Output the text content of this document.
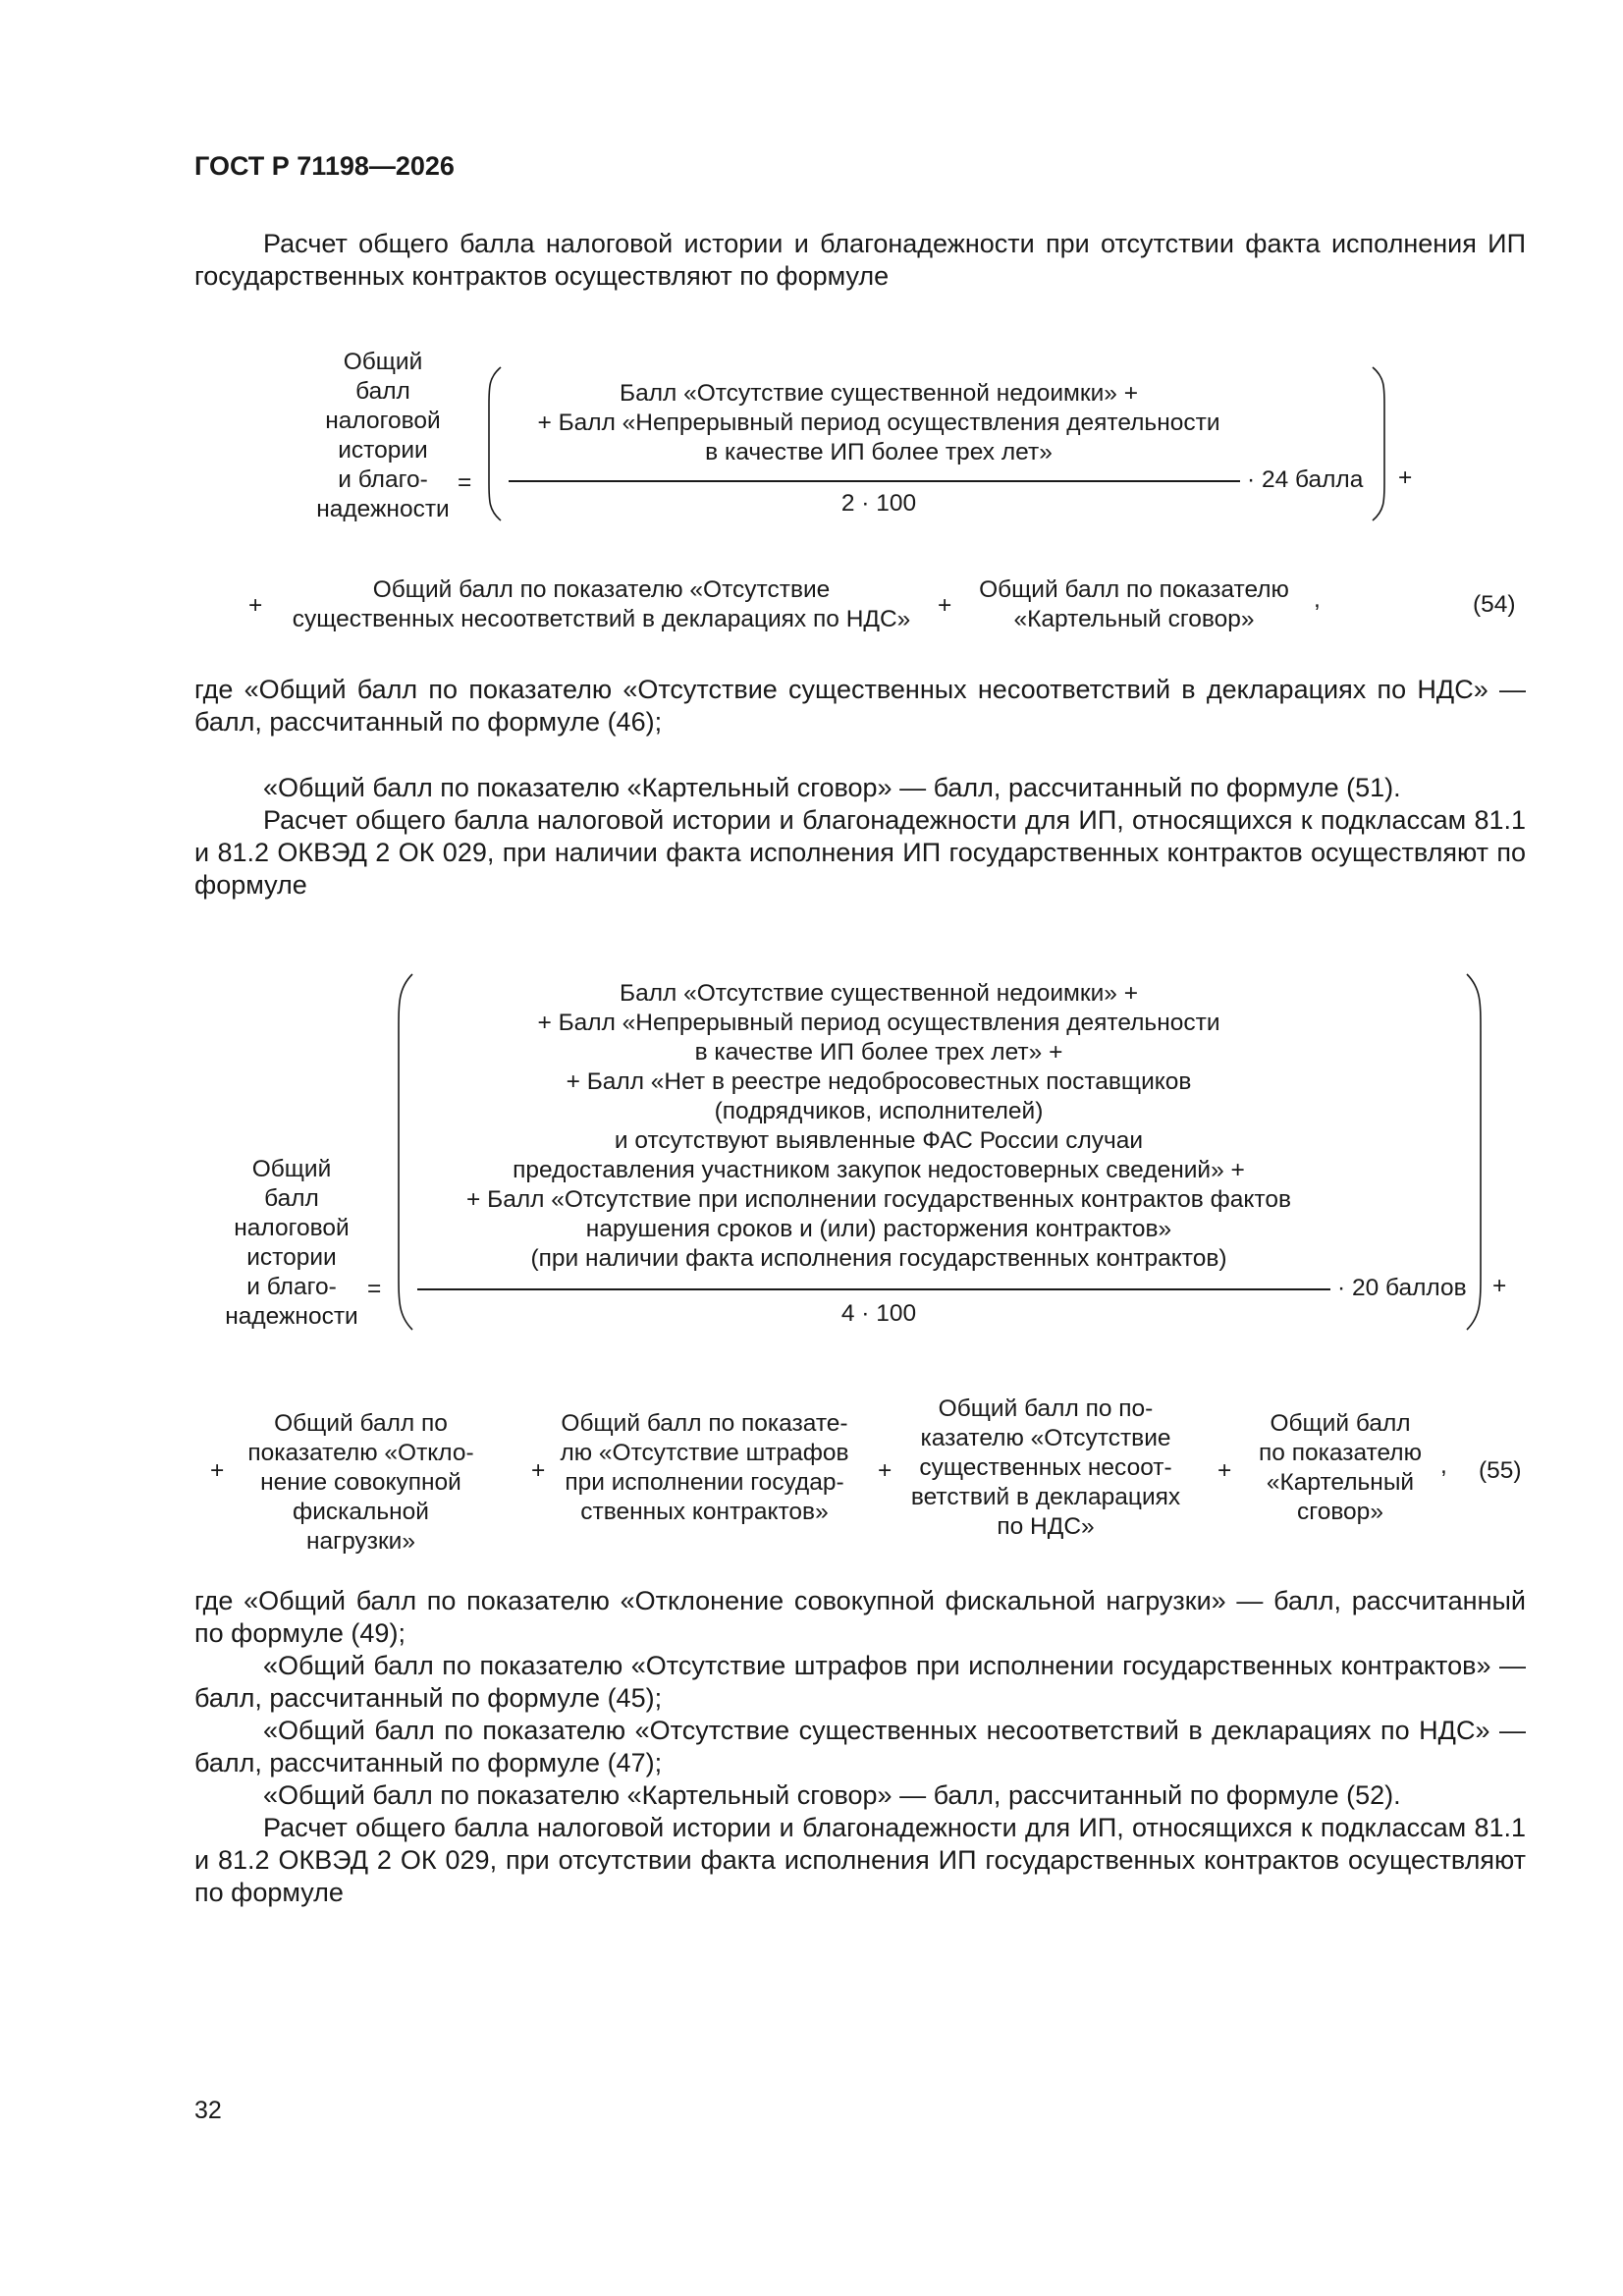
ГОСТ Р 71198—2026
Расчет общего балла налоговой истории и благонадежности при отсутствии факта исполнения ИП государственных контрактов осуществляют по формуле
Общий
балл
налоговой
истории
и благо-
надежности
=
Балл «Отсутствие существенной недоимки» +
+ Балл «Непрерывный период осуществления деятельности
в качестве ИП более трех лет»
2 · 100
· 24 балла +
+
Общий балл по показателю «Отсутствие
существенных несоответствий в декларациях по НДС»
+
Общий балл по показателю
«Картельный сговор»
,	(54)
где «Общий балл по показателю «Отсутствие существенных несоответствий в декларациях по НДС» — балл, рассчитанный по формуле (46);
«Общий балл по показателю «Картельный сговор» — балл, рассчитанный по формуле (51).
Расчет общего балла налоговой истории и благонадежности для ИП, относящихся к подклассам 81.1 и 81.2 ОКВЭД 2 ОК 029, при наличии факта исполнения ИП государственных контрактов осуществляют по формуле
Общий
балл
налоговой
истории
и благо-
надежности
=
Балл «Отсутствие существенной недоимки» +
+ Балл «Непрерывный период осуществления деятельности
в качестве ИП более трех лет» +
+ Балл «Нет в реестре недобросовестных поставщиков
(подрядчиков, исполнителей)
и отсутствуют выявленные ФАС России случаи
предоставления участником закупок недостоверных сведений» +
+ Балл «Отсутствие при исполнении государственных контрактов фактов
нарушения сроков и (или) расторжения контрактов»
(при наличии факта исполнения государственных контрактов)
4 · 100
· 20 баллов +
+
Общий балл по
показателю «Откло-
нение совокупной
фискальной нагрузки»
+
Общий балл по показате-
лю «Отсутствие штрафов
при исполнении государ-
ственных контрактов»
+
Общий балл по по-
казателю «Отсутствие
существенных несоот-
ветствий в декларациях
по НДС»
+
Общий балл
по показателю
«Картельный
сговор»
, (55)
где «Общий балл по показателю «Отклонение совокупной фискальной нагрузки» — балл, рассчитанный по формуле (49);
«Общий балл по показателю «Отсутствие штрафов при исполнении государственных контрактов» — балл, рассчитанный по формуле (45);
«Общий балл по показателю «Отсутствие существенных несоответствий в декларациях по НДС» — балл, рассчитанный по формуле (47);
«Общий балл по показателю «Картельный сговор» — балл, рассчитанный по формуле (52).
Расчет общего балла налоговой истории и благонадежности для ИП, относящихся к подклассам 81.1 и 81.2 ОКВЭД 2 ОК 029, при отсутствии факта исполнения ИП государственных контрактов осуществляют по формуле
32
